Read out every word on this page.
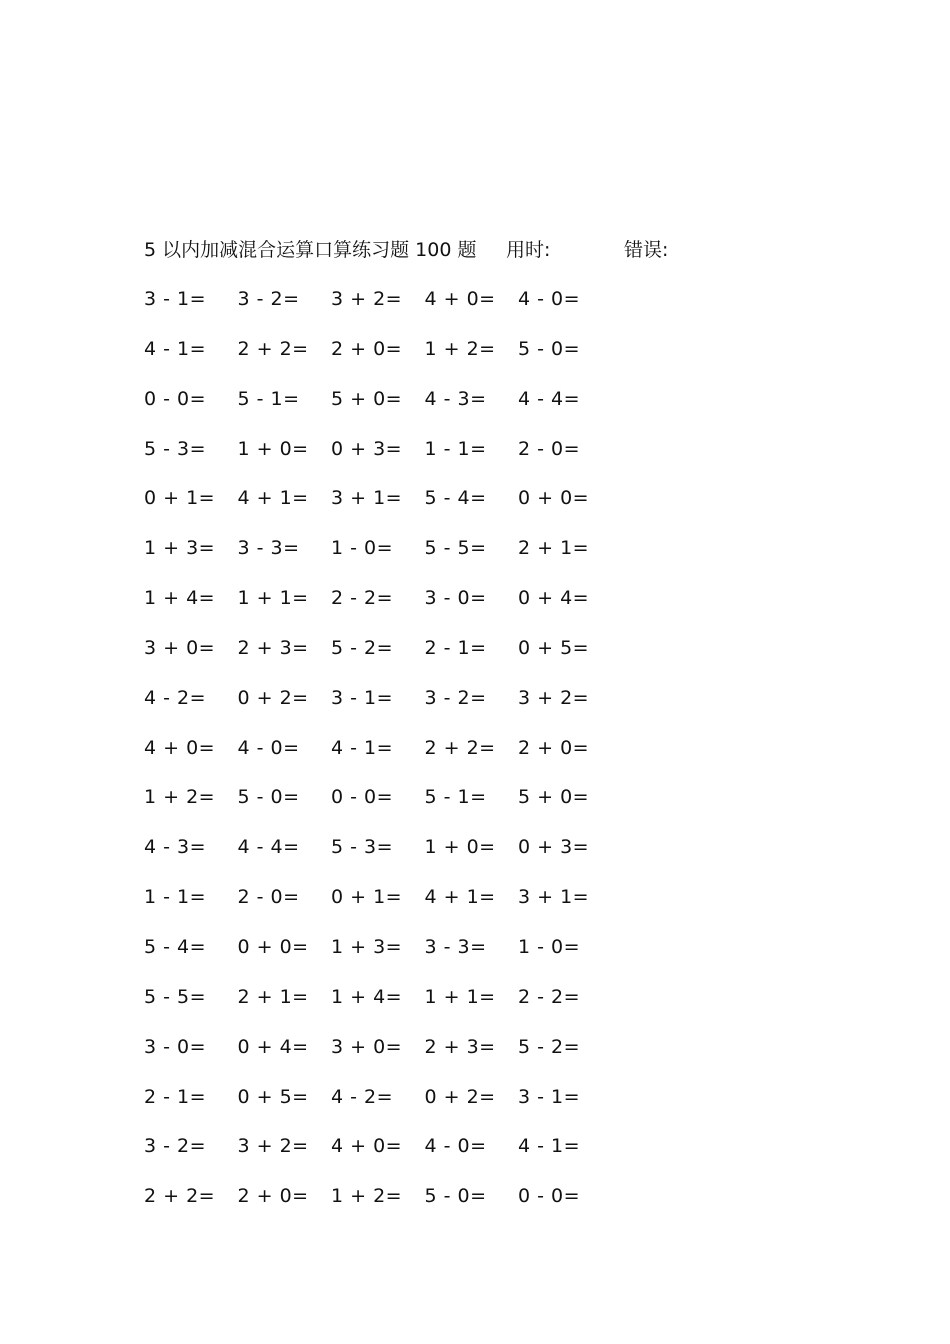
5 以内加减混合运算口算练习题 100 题 用时:	错误:
3 - 1= 3 - 2= 3 + 2= 4 + 0= 4 - 0=
4 - 1= 2 + 2= 2 + 0= 1 + 2= 5 - 0=
0 - 0= 5 - 1= 5 + 0= 4 - 3= 4 - 4=
5 - 3= 1 + 0= 0 + 3= 1 - 1= 2 - 0=
0 + 1= 4 + 1= 3 + 1= 5 - 4= 0 + 0=
1 + 3= 3 - 3= 1 - 0= 5 - 5= 2 + 1=
1 + 4= 1 + 1= 2 - 2= 3 - 0= 0 + 4=
3 + 0= 2 + 3= 5 - 2= 2 - 1= 0 + 5=
4 - 2= 0 + 2= 3 - 1= 3 - 2= 3 + 2=
4 + 0= 4 - 0= 4 - 1= 2 + 2= 2 + 0=
1 + 2= 5 - 0= 0 - 0= 5 - 1= 5 + 0=
4 - 3= 4 - 4= 5 - 3= 1 + 0= 0 + 3=
1 - 1= 2 - 0= 0 + 1= 4 + 1= 3 + 1=
5 - 4= 0 + 0= 1 + 3= 3 - 3= 1 - 0=
5 - 5= 2 + 1= 1 + 4= 1 + 1= 2 - 2=
3 - 0= 0 + 4= 3 + 0= 2 + 3= 5 - 2=
2 - 1= 0 + 5= 4 - 2= 0 + 2= 3 - 1=
3 - 2= 3 + 2= 4 + 0= 4 - 0= 4 - 1=
2 + 2= 2 + 0= 1 + 2= 5 - 0= 0 - 0=
